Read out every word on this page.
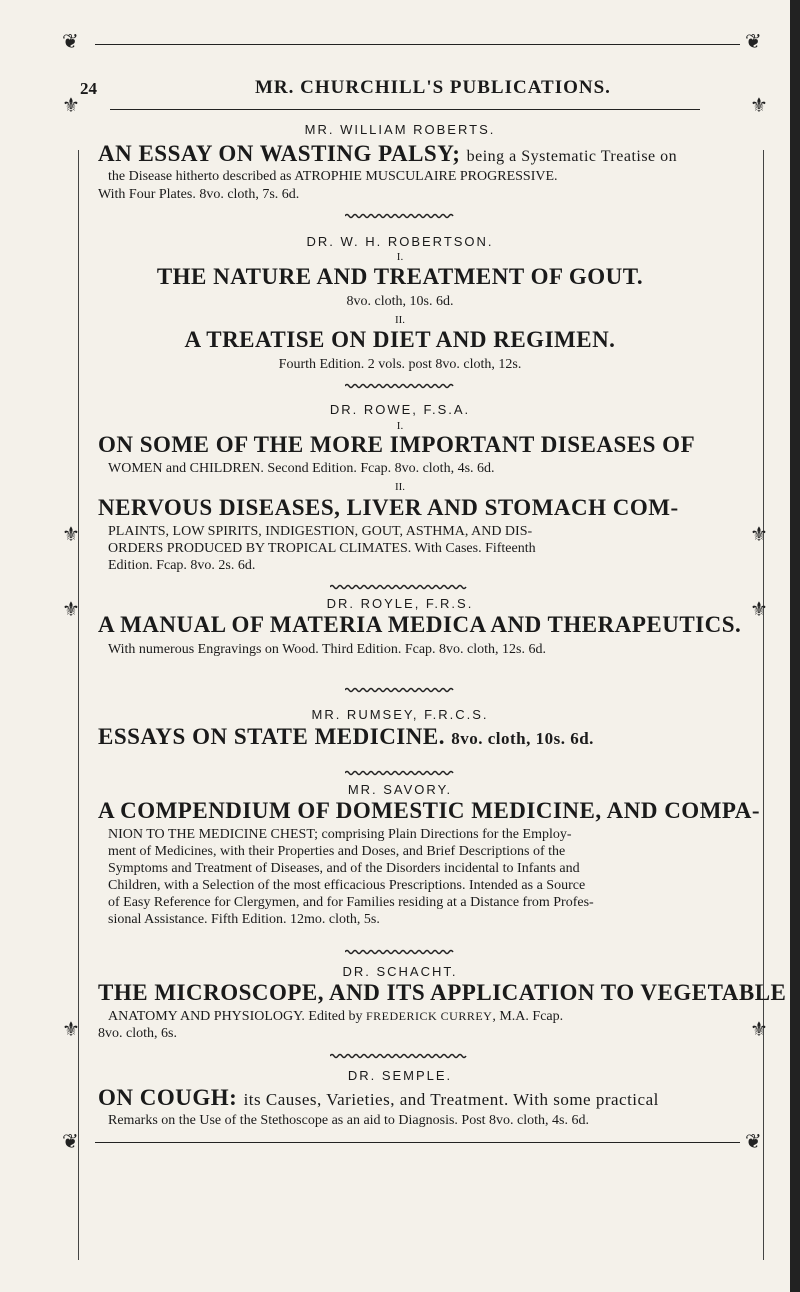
❦	❦
24	MR. CHURCHILL'S PUBLICATIONS.
⚜	⚜
⚜	⚜
⚜	⚜
⚜	⚜
MR. WILLIAM ROBERTS.
AN ESSAY ON WASTING PALSY; being a Systematic Treatise on
the Disease hitherto described as ATROPHIE MUSCULAIRE PROGRESSIVE.
With Four Plates. 8vo. cloth, 7s. 6d.
DR. W. H. ROBERTSON.
I.
THE NATURE AND TREATMENT OF GOUT.
8vo. cloth, 10s. 6d.
II.
A TREATISE ON DIET AND REGIMEN.
Fourth Edition. 2 vols. post 8vo. cloth, 12s.
DR. ROWE, F.S.A.
I.
ON SOME OF THE MORE IMPORTANT DISEASES OF
WOMEN and CHILDREN. Second Edition. Fcap. 8vo. cloth, 4s. 6d.
II.
NERVOUS DISEASES, LIVER AND STOMACH COM-
PLAINTS, LOW SPIRITS, INDIGESTION, GOUT, ASTHMA, AND DIS-
ORDERS PRODUCED BY TROPICAL CLIMATES. With Cases. Fifteenth
Edition. Fcap. 8vo. 2s. 6d.
DR. ROYLE, F.R.S.
A MANUAL OF MATERIA MEDICA AND THERAPEUTICS.
With numerous Engravings on Wood. Third Edition. Fcap. 8vo. cloth, 12s. 6d.
MR. RUMSEY, F.R.C.S.
ESSAYS ON STATE MEDICINE. 8vo. cloth, 10s. 6d.
MR. SAVORY.
A COMPENDIUM OF DOMESTIC MEDICINE, AND COMPA-
NION TO THE MEDICINE CHEST; comprising Plain Directions for the Employ-
ment of Medicines, with their Properties and Doses, and Brief Descriptions of the
Symptoms and Treatment of Diseases, and of the Disorders incidental to Infants and
Children, with a Selection of the most efficacious Prescriptions. Intended as a Source
of Easy Reference for Clergymen, and for Families residing at a Distance from Profes-
sional Assistance. Fifth Edition. 12mo. cloth, 5s.
DR. SCHACHT.
THE MICROSCOPE, AND ITS APPLICATION TO VEGETABLE
ANATOMY AND PHYSIOLOGY. Edited by FREDERICK CURREY, M.A. Fcap.
8vo. cloth, 6s.
DR. SEMPLE.
ON COUGH: its Causes, Varieties, and Treatment. With some practical
Remarks on the Use of the Stethoscope as an aid to Diagnosis. Post 8vo. cloth, 4s. 6d.
❦	❦
